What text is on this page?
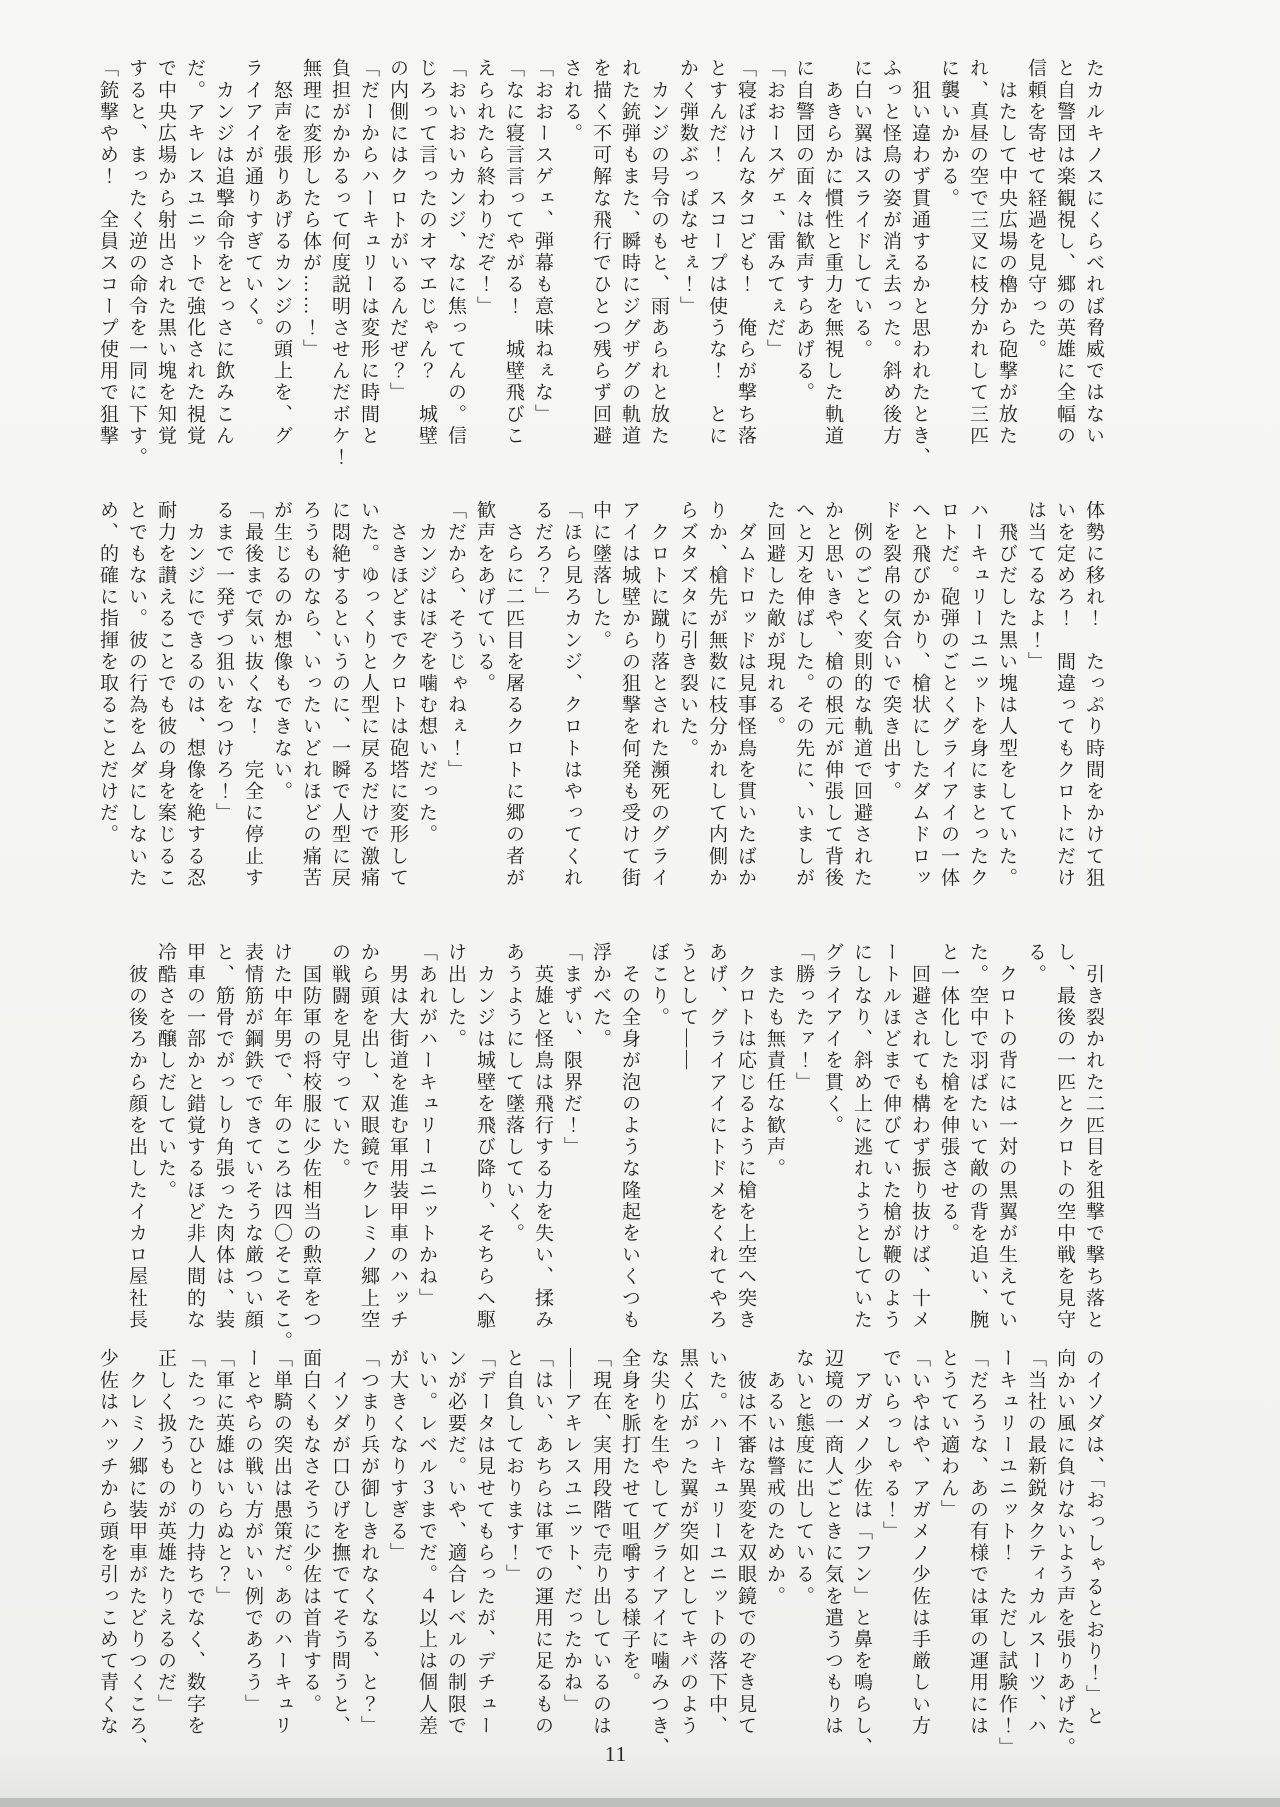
たカルキノスにくらべれば脅威ではない
と自警団は楽観視し、郷の英雄に全幅の
信頼を寄せて経過を見守った。
　はたして中央広場の櫓から砲撃が放た
れ、真昼の空で三叉に枝分かれして三匹
に襲いかかる。
　狙い違わず貫通するかと思われたとき、
ふっと怪鳥の姿が消え去った。斜め後方
に白い翼はスライドしている。
　あきらかに慣性と重力を無視した軌道
に自警団の面々は歓声すらあげる。
「おおースゲェ、雷みてぇだ」
「寝ぼけんなタコども！　俺らが撃ち落
とすんだ！　スコープは使うな！　とに
かく弾数ぶっぱなせぇ！」
　カンジの号令のもと、雨あられと放た
れた銃弾もまた、瞬時にジグザグの軌道
を描く不可解な飛行でひとつ残らず回避
される。
「おおースゲェ、弾幕も意味ねぇな」
「なに寝言言ってやがる！　城壁飛びこ
えられたら終わりだぞ！」
「おいおいカンジ、なに焦ってんの。信
じろって言ったのオマエじゃん？　城壁
の内側にはクロトがいるんだぜ？」
「だーからハーキュリーは変形に時間と
負担がかかるって何度説明させんだボケ！
無理に変形したら体が……！」
　怒声を張りあげるカンジの頭上を、グ
ライアイが通りすぎていく。
　カンジは追撃命令をとっさに飲みこん
だ。アキレスユニットで強化された視覚
で中央広場から射出された黒い塊を知覚
すると、まったく逆の命令を一同に下す。
「銃撃やめ！　全員スコープ使用で狙撃
体勢に移れ！　たっぷり時間をかけて狙
いを定めろ！　間違ってもクロトにだけ
は当てるなよ！」
　飛びだした黒い塊は人型をしていた。
ハーキュリーユニットを身にまとったク
ロトだ。砲弾のごとくグライアイの一体
へと飛びかかり、槍状にしたダムドロッ
ドを裂帛の気合いで突き出す。
　例のごとく変則的な軌道で回避された
かと思いきや、槍の根元が伸張して背後
へと刃を伸ばした。その先に、いましが
た回避した敵が現れる。
　ダムドロッドは見事怪鳥を貫いたばか
りか、槍先が無数に枝分かれして内側か
らズタズタに引き裂いた。
　クロトに蹴り落とされた瀕死のグライ
アイは城壁からの狙撃を何発も受けて街
中に墜落した。
「ほら見ろカンジ、クロトはやってくれ
るだろ？」
　さらに二匹目を屠るクロトに郷の者が
歓声をあげている。
「だから、そうじゃねぇ！」
　カンジはほぞを噛む想いだった。
　さきほどまでクロトは砲塔に変形して
いた。ゆっくりと人型に戻るだけで激痛
に悶絶するというのに、一瞬で人型に戻
ろうものなら、いったいどれほどの痛苦
が生じるのか想像もできない。
「最後まで気ぃ抜くな！　完全に停止す
るまで一発ずつ狙いをつけろ！」
　カンジにできるのは、想像を絶する忍
耐力を讃えることでも彼の身を案じるこ
とでもない。彼の行為をムダにしないた
め、的確に指揮を取ることだけだ。
　引き裂かれた二匹目を狙撃で撃ち落と
し、最後の一匹とクロトの空中戦を見守
る。
　クロトの背には一対の黒翼が生えてい
た。空中で羽ばたいて敵の背を追い、腕
と一体化した槍を伸張させる。
　回避されても構わず振り抜けば、十メ
ートルほどまで伸びていた槍が鞭のよう
にしなり、斜め上に逃れようとしていた
グライアイを貫く。
「勝ったァ！」
　またも無責任な歓声。
　クロトは応じるように槍を上空へ突き
あげ、グライアイにトドメをくれてやろ
うとして――
ぼこり。
　その全身が泡のような隆起をいくつも
浮かべた。
「まずい、限界だ！」
　英雄と怪鳥は飛行する力を失い、揉み
あうようにして墜落していく。
　カンジは城壁を飛び降り、そちらへ駆
け出した。
「あれがハーキュリーユニットかね」
　男は大街道を進む軍用装甲車のハッチ
から頭を出し、双眼鏡でクレミノ郷上空
の戦闘を見守っていた。
　国防軍の将校服に少佐相当の勲章をつ
けた中年男で、年のころは四〇そこそこ。
表情筋が鋼鉄でできていそうな厳つい顔
と、筋骨でがっしり角張った肉体は、装
甲車の一部かと錯覚するほど非人間的な
冷酷さを醸しだしていた。
　彼の後ろから顔を出したイカロ屋社長
のイソダは、「おっしゃるとおり！」と
向かい風に負けないよう声を張りあげた。
「当社の最新鋭タクティカルスーツ、ハ
ーキュリーユニット！　ただし試験作！」
「だろうな、あの有様では軍の運用には
とうてい適わん」
「いやはや、アガメノ少佐は手厳しい方
でいらっしゃる！」
　アガメノ少佐は「フン」と鼻を鳴らし、
辺境の一商人ごときに気を遣うつもりは
ないと態度に出している。
　あるいは警戒のためか。
　彼は不審な異変を双眼鏡でのぞき見て
いた。ハーキュリーユニットの落下中、
黒く広がった翼が突如としてキバのよう
な尖りを生やしてグライアイに噛みつき、
全身を脈打たせて咀嚼する様子を。
「現在、実用段階で売り出しているのは
――アキレスユニット、だったかね」
「はい、あちらは軍での運用に足るもの
と自負しております！」
「データは見せてもらったが、デチュー
ンが必要だ。いや、適合レベルの制限で
いい。レベル３までだ。４以上は個人差
が大きくなりすぎる」
「つまり兵が御しきれなくなる、と？」
　イソダが口ひげを撫でてそう問うと、
面白くもなさそうに少佐は首肯する。
「単騎の突出は愚策だ。あのハーキュリ
ーとやらの戦い方がいい例であろう」
「軍に英雄はいらぬと？」
「たったひとりの力持ちでなく、数字を
正しく扱うものが英雄たりえるのだ」
　クレミノ郷に装甲車がたどりつくころ、
少佐はハッチから頭を引っこめて青くな
11
